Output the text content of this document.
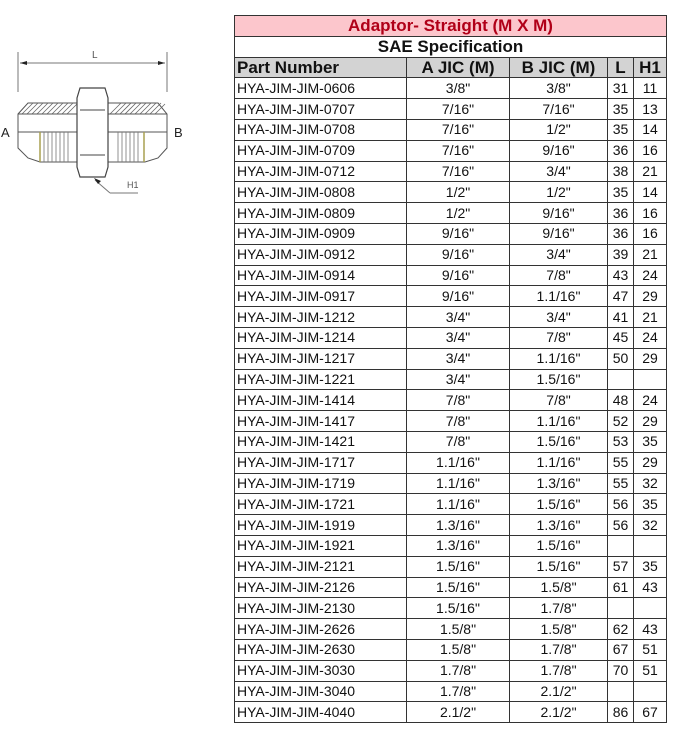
L
H1
A	B
Adaptor- Straight (M X M)				
SAE Specification				
Part Number	A JIC (M)	B JIC (M)	L	H1
HYA-JIM-JIM-0606	3/8"	3/8"	31	11
HYA-JIM-JIM-0707	7/16"	7/16"	35	13
HYA-JIM-JIM-0708	7/16"	1/2"	35	14
HYA-JIM-JIM-0709	7/16"	9/16"	36	16
HYA-JIM-JIM-0712	7/16"	3/4"	38	21
HYA-JIM-JIM-0808	1/2"	1/2"	35	14
HYA-JIM-JIM-0809	1/2"	9/16"	36	16
HYA-JIM-JIM-0909	9/16"	9/16"	36	16
HYA-JIM-JIM-0912	9/16"	3/4"	39	21
HYA-JIM-JIM-0914	9/16"	7/8"	43	24
HYA-JIM-JIM-0917	9/16"	1.1/16"	47	29
HYA-JIM-JIM-1212	3/4"	3/4"	41	21
HYA-JIM-JIM-1214	3/4"	7/8"	45	24
HYA-JIM-JIM-1217	3/4"	1.1/16"	50	29
HYA-JIM-JIM-1221	3/4"	1.5/16"		
HYA-JIM-JIM-1414	7/8"	7/8"	48	24
HYA-JIM-JIM-1417	7/8"	1.1/16"	52	29
HYA-JIM-JIM-1421	7/8"	1.5/16"	53	35
HYA-JIM-JIM-1717	1.1/16"	1.1/16"	55	29
HYA-JIM-JIM-1719	1.1/16"	1.3/16"	55	32
HYA-JIM-JIM-1721	1.1/16"	1.5/16"	56	35
HYA-JIM-JIM-1919	1.3/16"	1.3/16"	56	32
HYA-JIM-JIM-1921	1.3/16"	1.5/16"		
HYA-JIM-JIM-2121	1.5/16"	1.5/16"	57	35
HYA-JIM-JIM-2126	1.5/16"	1.5/8"	61	43
HYA-JIM-JIM-2130	1.5/16"	1.7/8"		
HYA-JIM-JIM-2626	1.5/8"	1.5/8"	62	43
HYA-JIM-JIM-2630	1.5/8"	1.7/8"	67	51
HYA-JIM-JIM-3030	1.7/8"	1.7/8"	70	51
HYA-JIM-JIM-3040	1.7/8"	2.1/2"		
HYA-JIM-JIM-4040	2.1/2"	2.1/2"	86	67
